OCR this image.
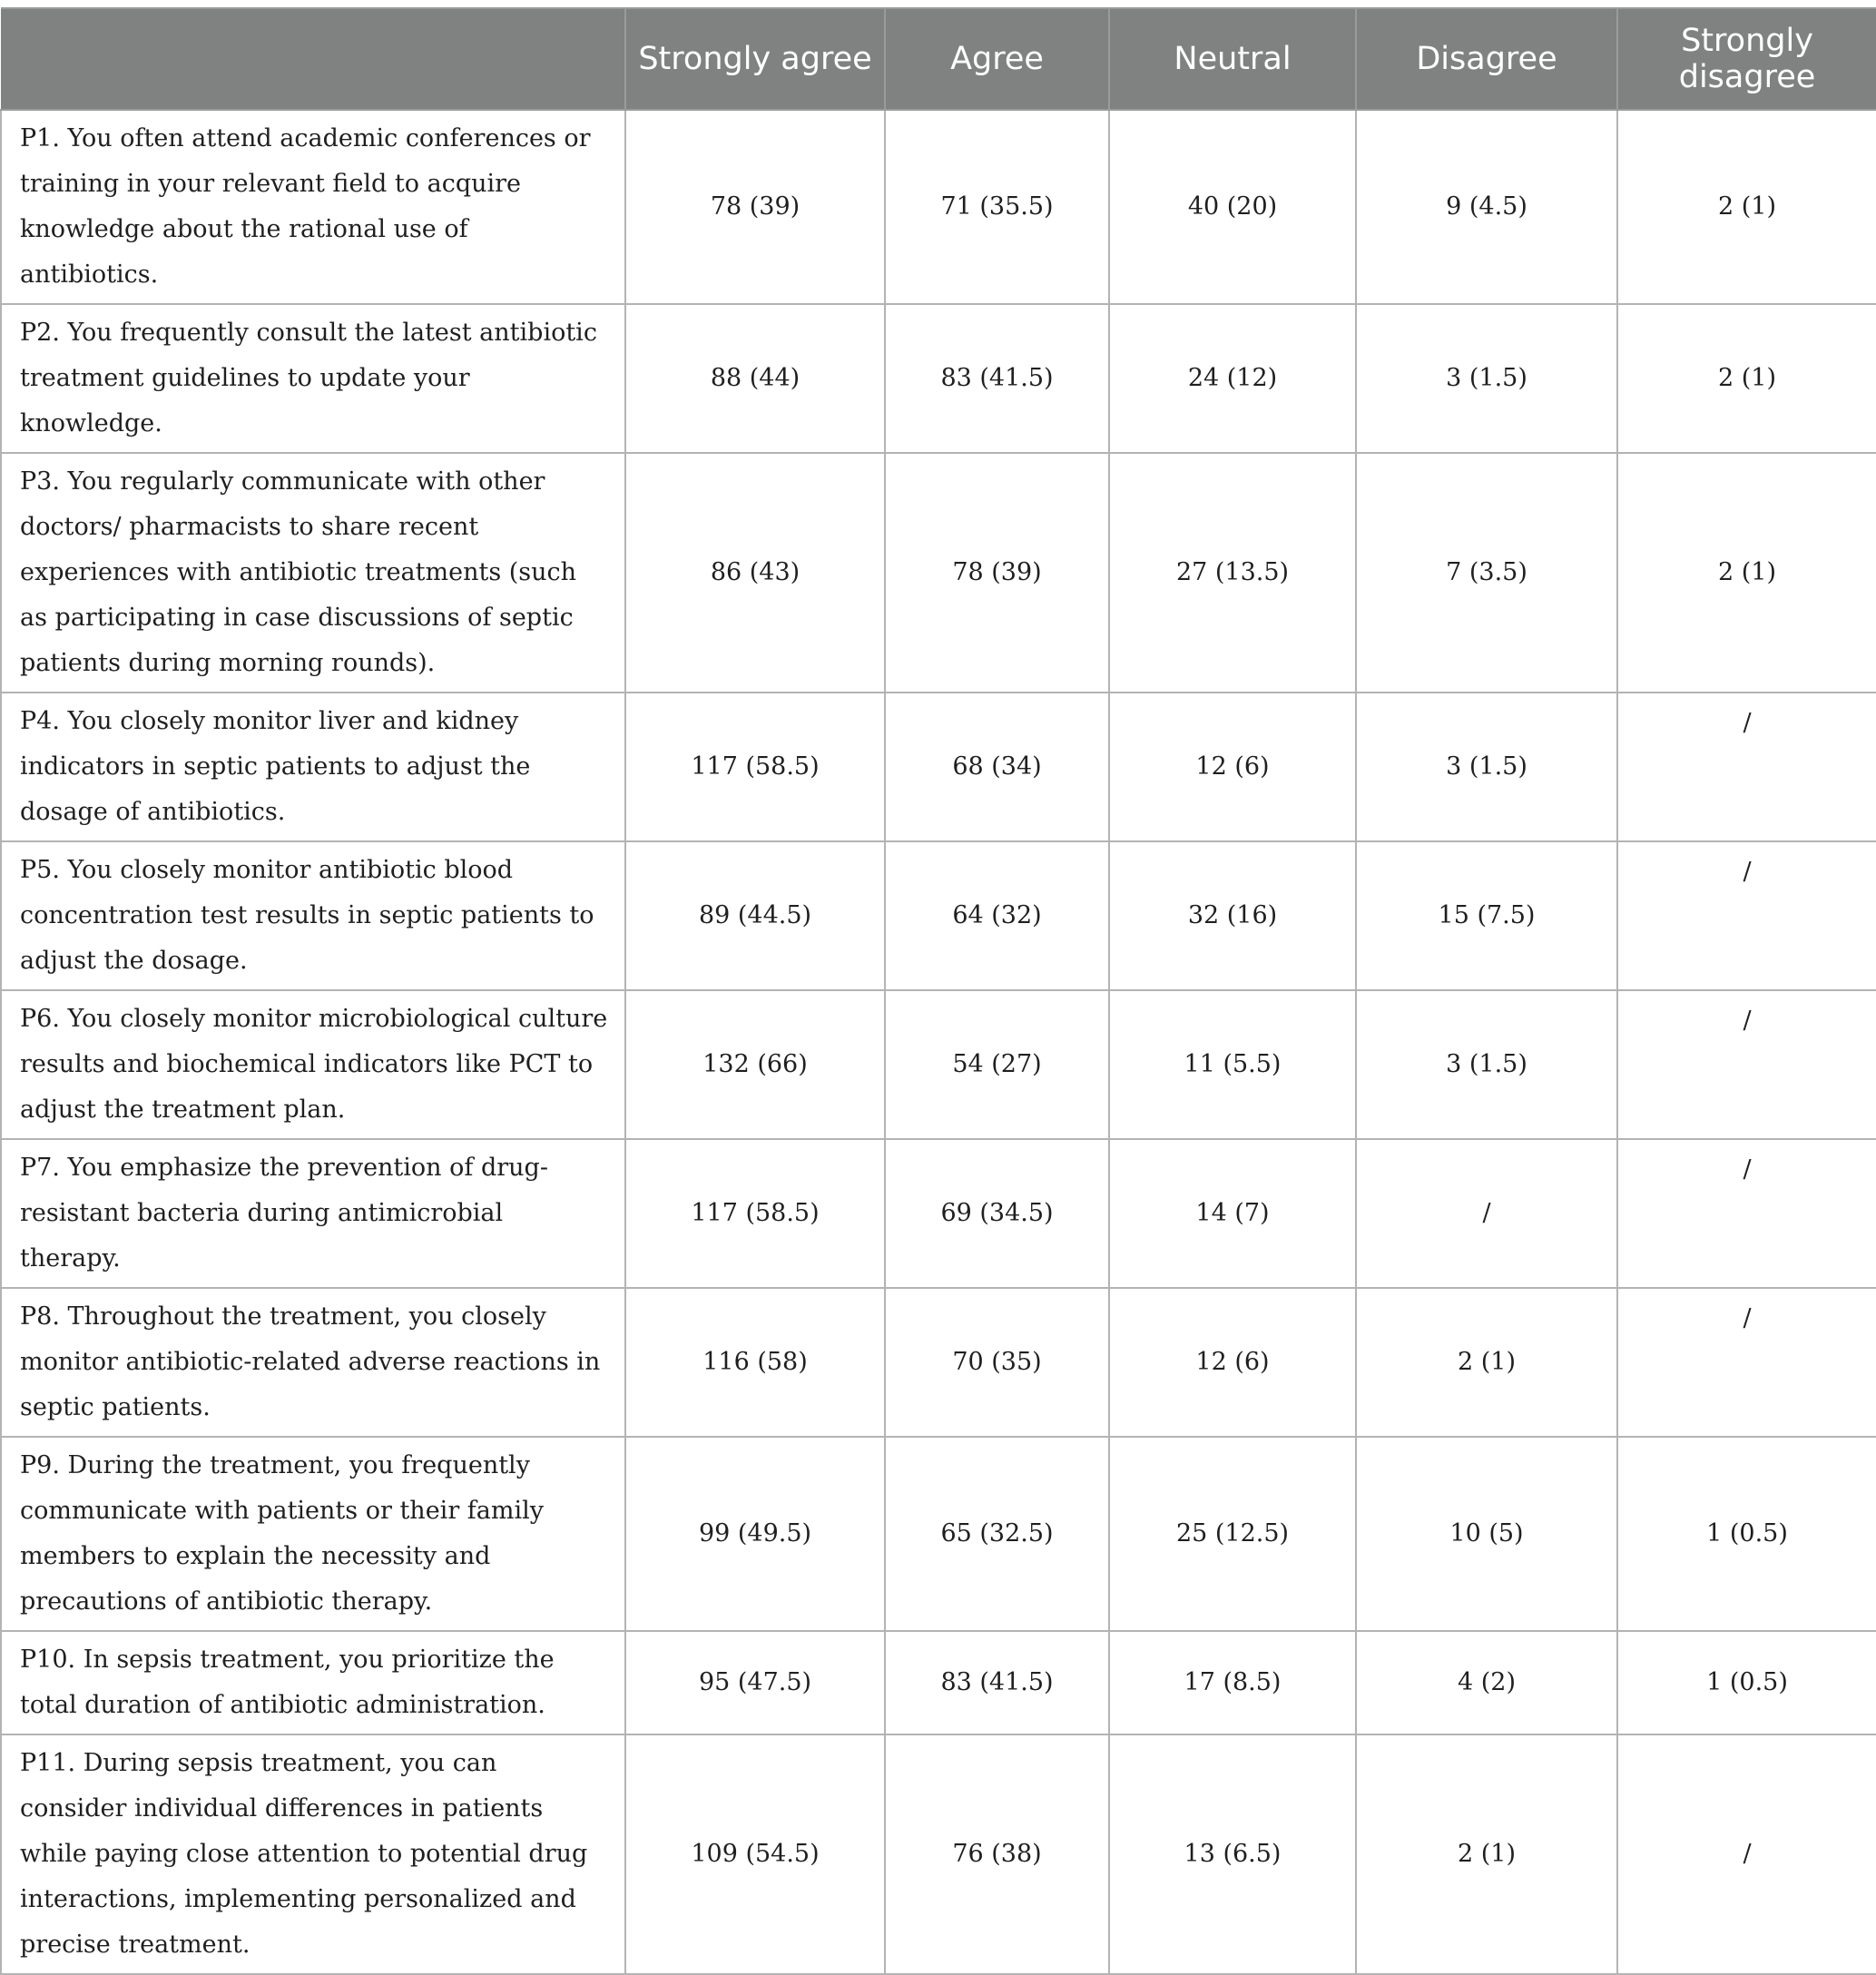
	Strongly agree	Agree	Neutral	Disagree	Strongly disagree
P1. You often attend academic conferences or training in your relevant field to acquire knowledge about the rational use of antibiotics.	78 (39)	71 (35.5)	40 (20)	9 (4.5)	2 (1)
P2. You frequently consult the latest antibiotic treatment guidelines to update your knowledge.	88 (44)	83 (41.5)	24 (12)	3 (1.5)	2 (1)
P3. You regularly communicate with other doctors/ pharmacists to share recent experiences with antibiotic treatments (such as participating in case discussions of septic patients during morning rounds).	86 (43)	78 (39)	27 (13.5)	7 (3.5)	2 (1)
P4. You closely monitor liver and kidney indicators in septic patients to adjust the dosage of antibiotics.	117 (58.5)	68 (34)	12 (6)	3 (1.5)	/
P5. You closely monitor antibiotic blood concentration test results in septic patients to adjust the dosage.	89 (44.5)	64 (32)	32 (16)	15 (7.5)	/
P6. You closely monitor microbiological culture results and biochemical indicators like PCT to adjust the treatment plan.	132 (66)	54 (27)	11 (5.5)	3 (1.5)	/
P7. You emphasize the prevention of drug-resistant bacteria during antimicrobial therapy.	117 (58.5)	69 (34.5)	14 (7)	/	/
P8. Throughout the treatment, you closely monitor antibiotic-related adverse reactions in septic patients.	116 (58)	70 (35)	12 (6)	2 (1)	/
P9. During the treatment, you frequently communicate with patients or their family members to explain the necessity and precautions of antibiotic therapy.	99 (49.5)	65 (32.5)	25 (12.5)	10 (5)	1 (0.5)
P10. In sepsis treatment, you prioritize the total duration of antibiotic administration.	95 (47.5)	83 (41.5)	17 (8.5)	4 (2)	1 (0.5)
P11. During sepsis treatment, you can consider individual differences in patients while paying close attention to potential drug interactions, implementing personalized and precise treatment.	109 (54.5)	76 (38)	13 (6.5)	2 (1)	/
